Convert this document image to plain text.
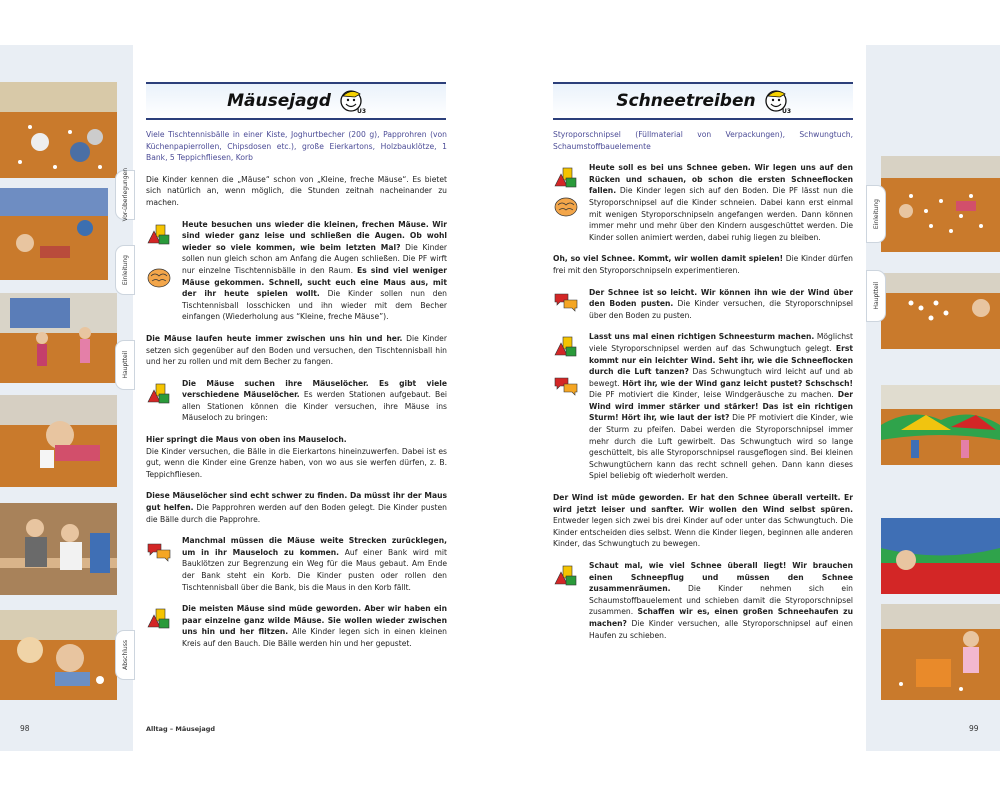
Vor-überlegungen
Einleitung
Hauptteil
Abschluss
98	Alltag – Mäusejagd
Mäusejagd
U3

Viele Tischtennisbälle in einer Kiste, Joghurtbecher (200 g), Papprohren (von Küchenpapierrollen, Chipsdosen etc.), große Eierkartons, Holzbauklötze, 1 Bank, 5 Teppichfliesen, Korb

Die Kinder kennen die „Mäuse“ schon von „Kleine, freche Mäuse“. Es bietet sich natürlich an, wenn möglich, die Stunden zeitnah nacheinander zu machen.

Heute besuchen uns wieder die kleinen, frechen Mäuse. Wir sind wieder ganz leise und schließen die Augen. Ob wohl wieder so viele kommen, wie beim letzten Mal? Die Kinder sollen nun gleich schon am Anfang die Augen schließen. Die PF wirft nur einzelne Tischtennisbälle in den Raum. Es sind viel weniger Mäuse gekommen. Schnell, sucht euch eine Maus aus, mit der ihr heute spielen wollt. Die Kinder sollen nun den Tischtennisball losschicken und ihn wieder mit dem Becher einfangen (Wiederholung aus “Kleine, freche Mäuse”).

Die Mäuse laufen heute immer zwischen uns hin und her. Die Kinder setzen sich gegenüber auf den Boden und versuchen, den Tischtennisball hin und her zu rollen und mit dem Becher zu fangen.

Die Mäuse suchen ihre Mäuselöcher. Es gibt viele verschiedene Mäuselöcher. Es werden Stationen aufgebaut. Bei allen Stationen können die Kinder versuchen, ihre Mäuse ins Mäuseloch zu bringen:

Hier springt die Maus von oben ins Mauseloch.
Die Kinder versuchen, die Bälle in die Eierkartons hineinzuwerfen. Dabei ist es gut, wenn die Kinder eine Grenze haben, von wo aus sie werfen dürfen, z. B. Teppichfliesen.

Diese Mäuselöcher sind echt schwer zu finden. Da müsst ihr der Maus gut helfen. Die Papprohren werden auf den Boden gelegt. Die Kinder pusten die Bälle durch die Papprohre.

Manchmal müssen die Mäuse weite Strecken zurücklegen, um in ihr Mauseloch zu kommen. Auf einer Bank wird mit Bauklötzen zur Begrenzung ein Weg für die Maus gebaut. Am Ende der Bank steht ein Korb. Die Kinder pusten oder rollen den Tischtennisball über die Bank, bis die Maus in den Korb fällt.

Die meisten Mäuse sind müde geworden. Aber wir haben ein paar einzelne ganz wilde Mäuse. Sie wollen wieder zwischen uns hin und her flitzen. Alle Kinder legen sich in einen kleinen Kreis auf den Bauch. Die Bälle werden hin und her gepustet.

Schneetreiben
U3

Styroporschnipsel (Füllmaterial von Verpackungen), Schwungtuch, Schaumstoffbauelemente

Heute soll es bei uns Schnee geben. Wir legen uns auf den Rücken und schauen, ob schon die ersten Schneeflocken fallen. Die Kinder legen sich auf den Boden. Die PF lässt nun die Styroporschnipsel auf die Kinder schneien. Dabei kann erst einmal mit wenigen Styroporschnipseln angefangen werden. Dann können immer mehr und mehr über den Kindern ausgeschüttet werden. Die Kinder sollen animiert werden, dabei ruhig liegen zu bleiben.

Oh, so viel Schnee. Kommt, wir wollen damit spielen! Die Kinder dürfen frei mit den Styroporschnipseln experimentieren.

Der Schnee ist so leicht. Wir können ihn wie der Wind über den Boden pusten. Die Kinder versuchen, die Styroporschnipsel über den Boden zu pusten.

Lasst uns mal einen richtigen Schneesturm machen. Möglichst viele Styroporschnipsel werden auf das Schwungtuch gelegt. Erst kommt nur ein leichter Wind. Seht ihr, wie die Schneeflocken durch die Luft tanzen? Das Schwungtuch wird leicht auf und ab bewegt. Hört ihr, wie der Wind ganz leicht pustet? Schschsch! Die PF motiviert die Kinder, leise Windgeräusche zu machen. Der Wind wird immer stärker und stärker! Das ist ein richtigen Sturm! Hört ihr, wie laut der ist? Die PF motiviert die Kinder, wie der Sturm zu pfeifen. Dabei werden die Styroporschnipsel immer mehr durch die Luft gewirbelt. Das Schwungtuch wird so lange geschüttelt, bis alle Styroporschnipsel rausgeflogen sind. Bei kleinen Schwungtüchern kann das recht schnell gehen. Dann kann dieses Spiel beliebig oft wiederholt werden.

Der Wind ist müde geworden. Er hat den Schnee überall verteilt. Er wird jetzt leiser und sanfter. Wir wollen den Wind selbst spüren. Entweder legen sich zwei bis drei Kinder auf oder unter das Schwungtuch. Die Kinder entscheiden dies selbst. Wenn die Kinder liegen, beginnen alle anderen Kinder, das Schwungtuch zu bewegen.

Schaut mal, wie viel Schnee überall liegt! Wir brauchen einen Schneepflug und müssen den Schnee zusammenräumen. Die Kinder nehmen sich ein Schaumstoffbauelement und schieben damit die Styroporschnipsel zusammen. Schaffen wir es, einen großen Schneehaufen zu machen? Die Kinder versuchen, alle Styroporschnipsel auf einen Haufen zu schieben.

Einleitung
Hauptteil
99
